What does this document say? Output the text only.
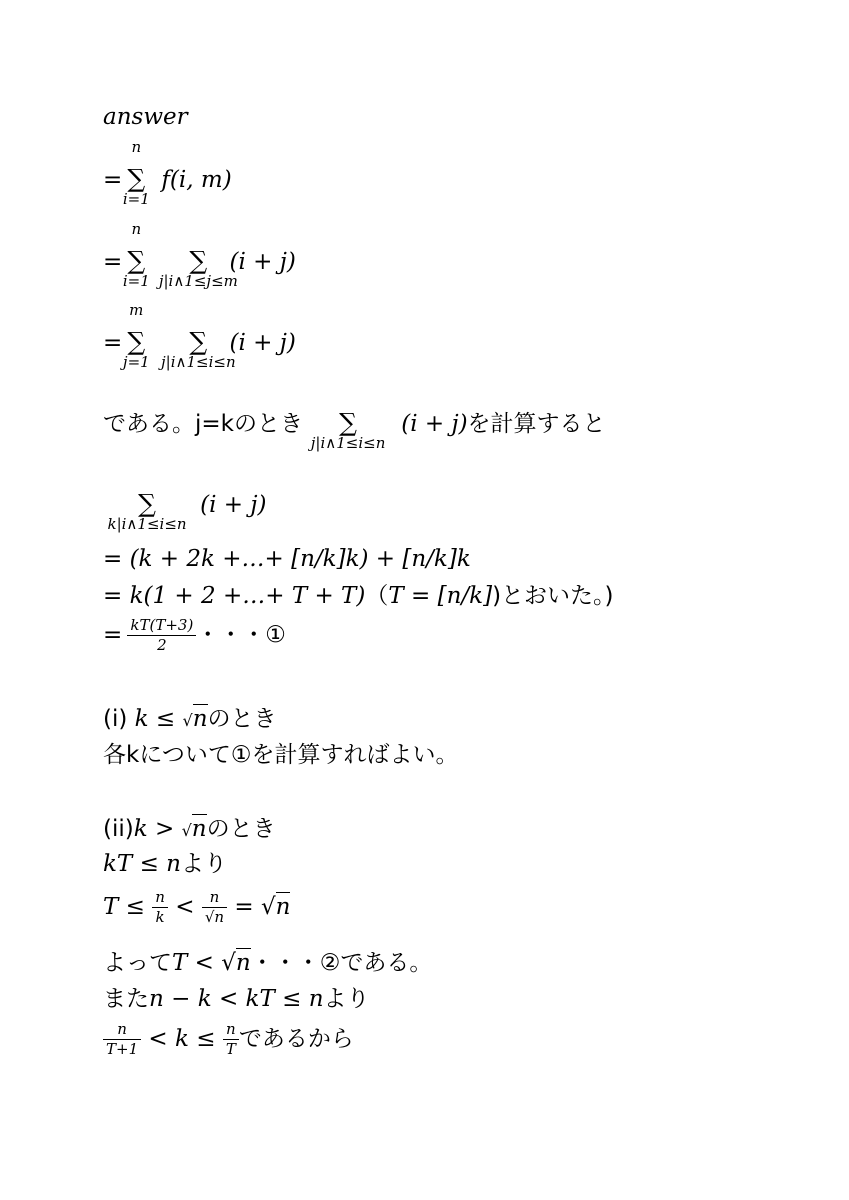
answer
= ∑
n
i=1
f(i, m)
= ∑
n
i=1
∑
j|i∧1≤j≤m
(i + j)
= ∑
m
j=1
∑
j|i∧1≤i≤n
(i + j)
である。j=kのとき ∑
j|i∧1≤i≤n
(i + j)を計算すると
∑
k|i∧1≤i≤n
(i + j)
= (k + 2k +…+ [n/k]k) + [n/k]k
= k(1 + 2 +…+ T + T)（T = [n/k])とおいた。)
= $\frac{kT(T+3)}{2}$ ・・・①
(i) k ≤ √nのとき
各kについて①を計算すればよい。
(ii)k > √nのとき
kT ≤ nより
$T \le \frac{n}{k} < \frac{n}{√n} = √n$
よってT < √n・・・②である。
またn − k < kT ≤ nより
$\frac{n}{T+1} < k \le \frac{n}{T}$ であるから
